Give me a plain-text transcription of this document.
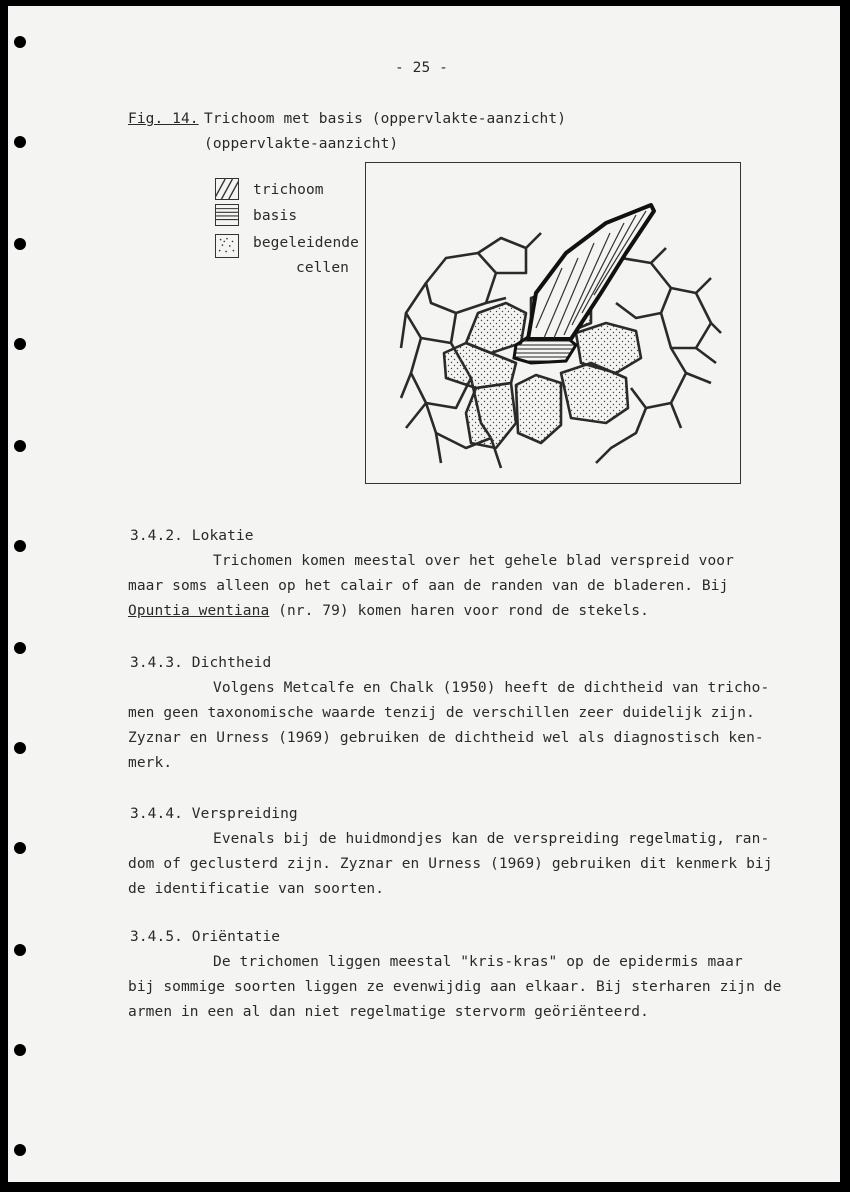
- 25 -
Fig. 14. Trichoom met basis (oppervlakte-aanzicht)
(oppervlakte-aanzicht)
trichoom
basis
begeleidende
cellen
3.4.2. Lokatie
Trichomen komen meestal over het gehele blad verspreid voor
maar soms alleen op het calair of aan de randen van de bladeren. Bij
Opuntia wentiana (nr. 79) komen haren voor rond de stekels.
3.4.3. Dichtheid
Volgens Metcalfe en Chalk (1950) heeft de dichtheid van tricho-
men geen taxonomische waarde tenzij de verschillen zeer duidelijk zijn.
Zyznar en Urness (1969) gebruiken de dichtheid wel als diagnostisch ken-
merk.
3.4.4. Verspreiding
Evenals bij de huidmondjes kan de verspreiding regelmatig, ran-
dom of geclusterd zijn. Zyznar en Urness (1969) gebruiken dit kenmerk bij
de identificatie van soorten.
3.4.5. Oriëntatie
De trichomen liggen meestal "kris-kras" op de epidermis maar
bij sommige soorten liggen ze evenwijdig aan elkaar. Bij sterharen zijn de
armen in een al dan niet regelmatige stervorm geöriënteerd.
